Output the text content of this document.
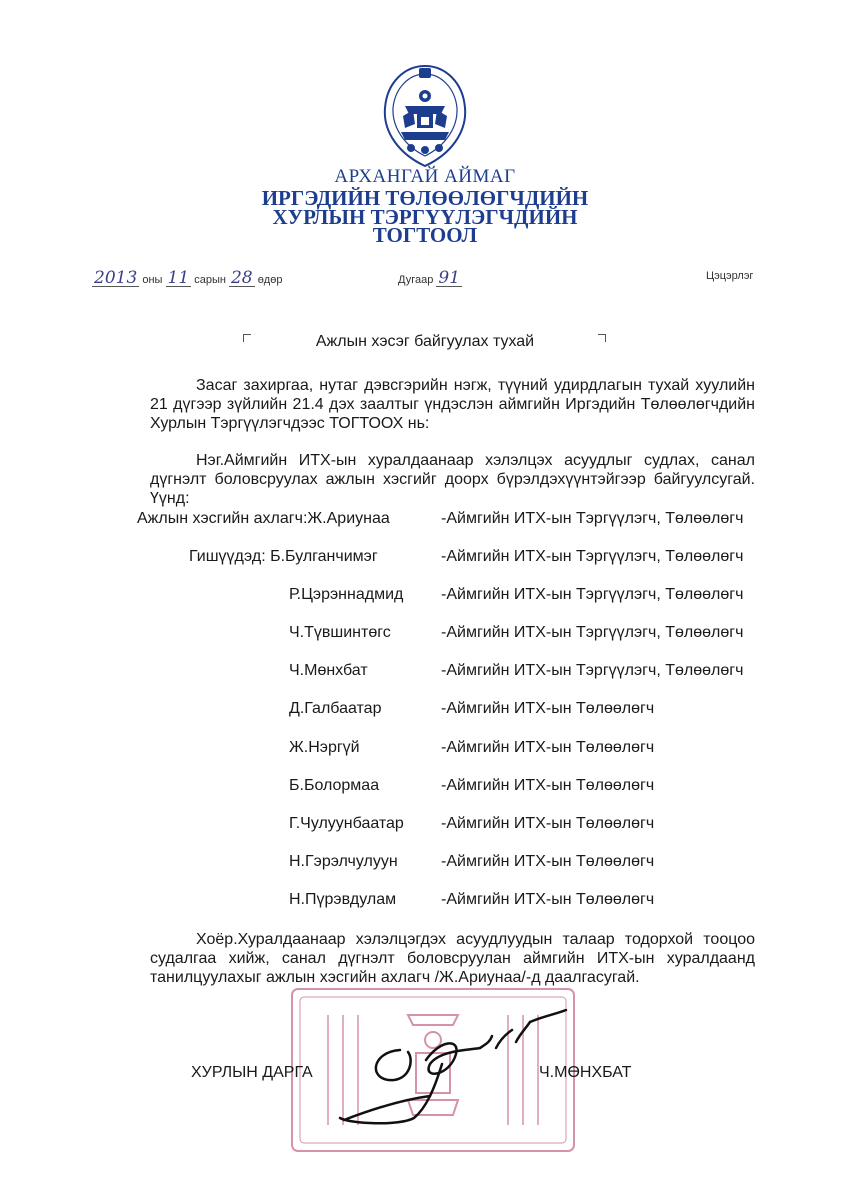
АРХАНГАЙ АЙМАГ
ИРГЭДИЙН ТӨЛӨӨЛӨГЧДИЙН
ХУРЛЫН ТЭРГҮҮЛЭГЧДИЙН
ТОГТООЛ
2013 оны 11 сарын 28 өдөр	Дугаар 91	Цэцэрлэг
Ажлын хэсэг байгуулах тухай
Засаг захиргаа, нутаг дэвсгэрийн нэгж, түүний удирдлагын тухай хуулийн 21 дүгээр зүйлийн 21.4 дэх заалтыг үндэслэн аймгийн Иргэдийн Төлөөлөгчдийн Хурлын Тэргүүлэгчдээс ТОГТООХ нь:
Нэг.Аймгийн ИТХ-ын хуралдаанаар хэлэлцэх асуудлыг судлах, санал дүгнэлт боловсруулах ажлын хэсгийг доорх бүрэлдэхүүнтэйгээр байгуулсугай. Үүнд:
Ажлын хэсгийн ахлагч:Ж.Ариунаа	-Аймгийн ИТХ-ын Тэргүүлэгч, Төлөөлөгч
Гишүүдэд: Б.Булганчимэг	-Аймгийн ИТХ-ын Тэргүүлэгч, Төлөөлөгч
Р.Цэрэннадмид -Аймгийн ИТХ-ын Тэргүүлэгч, Төлөөлөгч
Ч.Түвшинтөгс	-Аймгийн ИТХ-ын Тэргүүлэгч, Төлөөлөгч
Ч.Мөнхбат	-Аймгийн ИТХ-ын Тэргүүлэгч, Төлөөлөгч
Д.Галбаатар	-Аймгийн ИТХ-ын Төлөөлөгч
Ж.Нэргүй	-Аймгийн ИТХ-ын Төлөөлөгч
Б.Болормаа	-Аймгийн ИТХ-ын Төлөөлөгч
Г.Чулуунбаатар -Аймгийн ИТХ-ын Төлөөлөгч
Н.Гэрэлчулуун	-Аймгийн ИТХ-ын Төлөөлөгч
Н.Пүрэвдулам	-Аймгийн ИТХ-ын Төлөөлөгч
Хоёр.Хуралдаанаар хэлэлцэгдэх асуудлуудын талаар тодорхой тооцоо судалгаа хийж, санал дүгнэлт боловсруулан аймгийн ИТХ-ын хуралдаанд танилцуулахыг ажлын хэсгийн ахлагч /Ж.Ариунаа/-д даалгасугай.
ХУРЛЫН ДАРГА	Ч.МӨНХБАТ
